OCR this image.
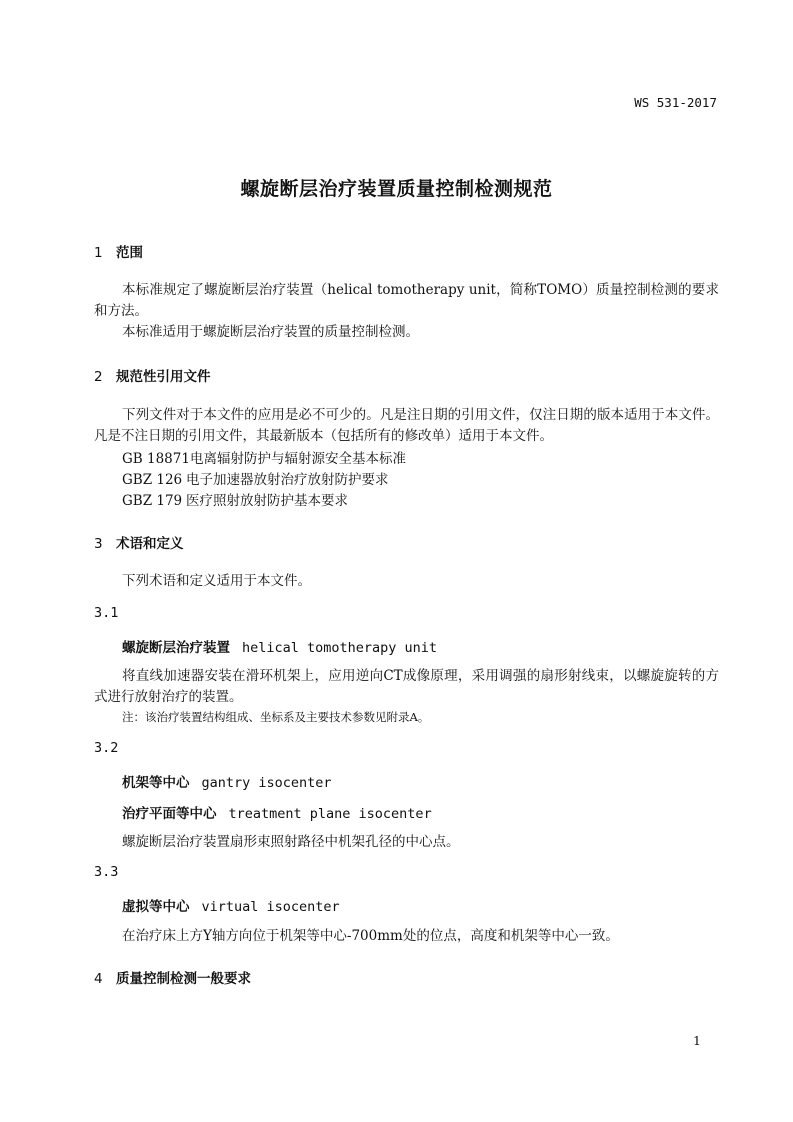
WS 531-2017
螺旋断层治疗装置质量控制检测规范
1 范围
本标准规定了螺旋断层治疗装置（helical tomotherapy unit，简称TOMO）质量控制检测的要求和方法。
本标准适用于螺旋断层治疗装置的质量控制检测。
2 规范性引用文件
下列文件对于本文件的应用是必不可少的。凡是注日期的引用文件，仅注日期的版本适用于本文件。凡是不注日期的引用文件，其最新版本（包括所有的修改单）适用于本文件。
GB 18871电离辐射防护与辐射源安全基本标准
GBZ 126 电子加速器放射治疗放射防护要求
GBZ 179 医疗照射放射防护基本要求
3 术语和定义
下列术语和定义适用于本文件。
3.1
螺旋断层治疗装置 helical tomotherapy unit
将直线加速器安装在滑环机架上，应用逆向CT成像原理，采用调强的扇形射线束，以螺旋旋转的方式进行放射治疗的装置。
注：该治疗装置结构组成、坐标系及主要技术参数见附录A。
3.2
机架等中心 gantry isocenter
治疗平面等中心 treatment plane isocenter
螺旋断层治疗装置扇形束照射路径中机架孔径的中心点。
3.3
虚拟等中心 virtual isocenter
在治疗床上方Y轴方向位于机架等中心-700mm处的位点，高度和机架等中心一致。
4 质量控制检测一般要求
1
